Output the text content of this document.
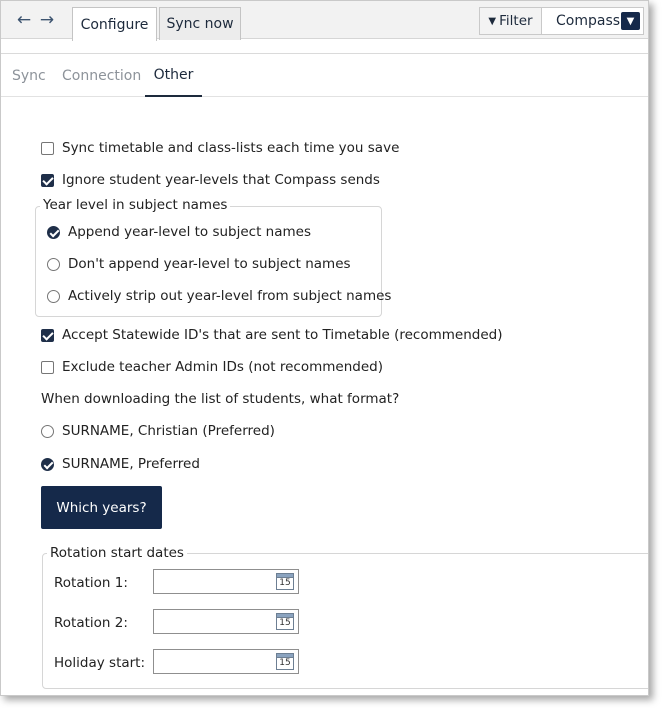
← → Configure Sync now	▼ Filter Compass ▼
Sync Connection Other
Sync timetable and class-lists each time you save
Ignore student year-levels that Compass sends
Year level in subject names
Append year-level to subject names
Don't append year-level to subject names
Actively strip out year-level from subject names
Accept Statewide ID's that are sent to Timetable (recommended)
Exclude teacher Admin IDs (not recommended)
When downloading the list of students, what format?
SURNAME, Christian (Preferred)
SURNAME, Preferred
Which years?
Rotation start dates
Rotation 1:	15
Rotation 2:	15
Holiday start:	15
